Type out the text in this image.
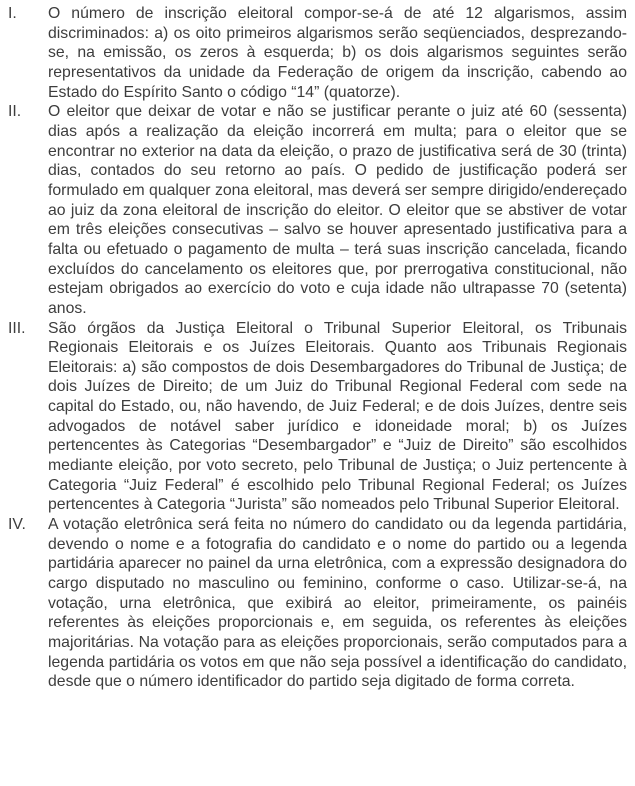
I. O número de inscrição eleitoral compor-se-á de até 12 algarismos, assim discriminados: a) os oito primeiros algarismos serão seqüenciados, desprezando-se, na emissão, os zeros à esquerda; b) os dois algarismos seguintes serão representativos da unidade da Federação de origem da inscrição, cabendo ao Estado do Espírito Santo o código “14” (quatorze).
II. O eleitor que deixar de votar e não se justificar perante o juiz até 60 (sessenta) dias após a realização da eleição incorrerá em multa; para o eleitor que se encontrar no exterior na data da eleição, o prazo de justificativa será de 30 (trinta) dias, contados do seu retorno ao país. O pedido de justificação poderá ser formulado em qualquer zona eleitoral, mas deverá ser sempre dirigido/endereçado ao juiz da zona eleitoral de inscrição do eleitor. O eleitor que se abstiver de votar em três eleições consecutivas – salvo se houver apresentado justificativa para a falta ou efetuado o pagamento de multa – terá suas inscrição cancelada, ficando excluídos do cancelamento os eleitores que, por prerrogativa constitucional, não estejam obrigados ao exercício do voto e cuja idade não ultrapasse 70 (setenta) anos.
III. São órgãos da Justiça Eleitoral o Tribunal Superior Eleitoral, os Tribunais Regionais Eleitorais e os Juízes Eleitorais. Quanto aos Tribunais Regionais Eleitorais: a) são compostos de dois Desembargadores do Tribunal de Justiça; de dois Juízes de Direito; de um Juiz do Tribunal Regional Federal com sede na capital do Estado, ou, não havendo, de Juiz Federal; e de dois Juízes, dentre seis advogados de notável saber jurídico e idoneidade moral; b) os Juízes pertencentes às Categorias “Desembargador” e “Juiz de Direito” são escolhidos mediante eleição, por voto secreto, pelo Tribunal de Justiça; o Juiz pertencente à Categoria “Juiz Federal” é escolhido pelo Tribunal Regional Federal; os Juízes pertencentes à Categoria “Jurista” são nomeados pelo Tribunal Superior Eleitoral.
IV. A votação eletrônica será feita no número do candidato ou da legenda partidária, devendo o nome e a fotografia do candidato e o nome do partido ou a legenda partidária aparecer no painel da urna eletrônica, com a expressão designadora do cargo disputado no masculino ou feminino, conforme o caso. Utilizar-se-á, na votação, urna eletrônica, que exibirá ao eleitor, primeiramente, os painéis referentes às eleições proporcionais e, em seguida, os referentes às eleições majoritárias. Na votação para as eleições proporcionais, serão computados para a legenda partidária os votos em que não seja possível a identificação do candidato, desde que o número identificador do partido seja digitado de forma correta.
